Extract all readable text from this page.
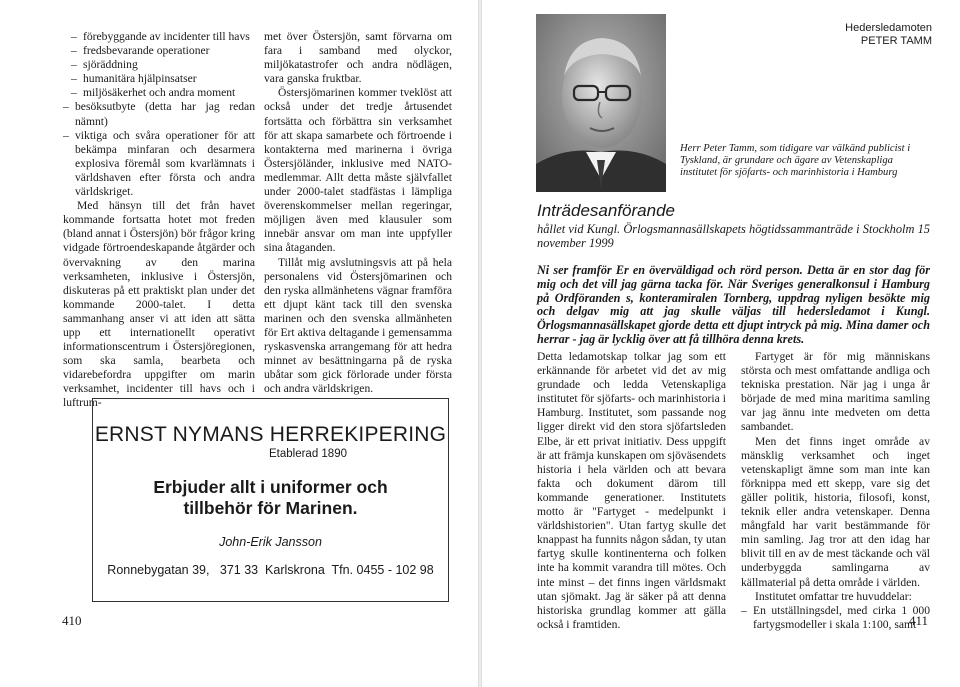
– förebyggande av incidenter till havs
– fredsbevarande operationer
– sjöräddning
– humanitära hjälpinsatser
– miljösäkerhet och andra moment
– besöksutbyte (detta har jag redan nämnt)
– viktiga och svåra operationer för att bekämpa minfaran och desarmera explosiva föremål som kvarlämnats i världshaven efter första och andra världskriget.

Med hänsyn till det från havet kommande fortsatta hotet mot freden (bland annat i Östersjön) bör frågor kring vidgade förtroendeskapande åtgärder och övervakning av den marina verksamheten, inklusive i Östersjön, diskuteras på ett praktiskt plan under det kommande 2000-talet. I detta sammanhang anser vi att iden att sätta upp ett internationellt operativt informationscentrum i Östersjöregionen, som ska samla, bearbeta och vidarebefordra uppgifter om marin verksamhet, incidenter till havs och i luftrum-

met över Östersjön, samt förvarna om fara i samband med olyckor, miljökatastrofer och andra nödlägen, vara ganska fruktbar.

Östersjömarinen kommer tveklöst att också under det tredje årtusendet fortsätta och förbättra sin verksamhet för att skapa samarbete och förtroende i kontakterna med marinerna i övriga Östersjöländer, inklusive med NATO-medlemmar. Allt detta måste självfallet under 2000-talet stadfästas i lämpliga överenskommelser mellan regeringar, möjligen även med klausuler som innebär ansvar om man inte uppfyller sina åtaganden.

Tillåt mig avslutningsvis att på hela personalens vid Östersjömarinen och den ryska allmänhetens vägnar framföra ett djupt känt tack till den svenska marinen och den svenska allmänheten för Ert aktiva deltagande i gemensamma ryskasvenska arrangemang för att hedra minnet av besättningarna på de ryska ubåtar som gick förlorade under första och andra världskrigen.

ERNST NYMANS HERREKIPERING
Etablerad 1890
Erbjuder allt i uniformer och
tillbehör för Marinen.
John-Erik Jansson
Ronnebygatan 39,   371 33  Karlskrona  Tfn. 0455 - 102 98
410
Hedersledamoten
PETER TAMM
Herr Peter Tamm, som tidigare var välkänd publicist i Tyskland, är grundare och ägare av Vetenskapliga institutet för sjöfarts- och marinhistoria i Hamburg
Inträdesanförande
hållet vid Kungl. Örlogsmannasällskapets högtidssammanträde i Stockholm 15 november 1999
Ni ser framför Er en överväldigad och rörd person. Detta är en stor dag för mig och det vill jag gärna tacka för. När Sveriges generalkonsul i Hamburg på Ordföranden s, konteramiralen Tornberg, uppdrag nyligen besökte mig och delgav mig att jag skulle väljas till hedersledamot i Kungl. Örlogsmannasällskapet gjorde detta ett djupt intryck på mig. Mina damer och herrar - jag är lycklig över att få tillhöra denna krets.

Detta ledamotskap tolkar jag som ett erkännande för arbetet vid det av mig grundade och ledda Vetenskapliga institutet för sjöfarts- och marinhistoria i Hamburg. Institutet, som passande nog ligger direkt vid den stora sjöfartsleden Elbe, är ett privat initiativ. Dess uppgift är att främja kunskapen om sjöväsendets historia i hela världen och att bevara fakta och dokument därom till kommande generationer. Institutets motto är "Fartyget - medelpunkt i världshistorien". Utan fartyg skulle det knappast ha funnits någon sådan, ty utan fartyg skulle kontinenterna och folken inte ha kommit varandra till mötes. Och inte minst – det finns ingen världsmakt utan sjömakt. Jag är säker på att denna historiska grundlag kommer att gälla också i framtiden.

Fartyget är för mig människans största och mest omfattande andliga och tekniska prestation. När jag i unga år började de med mina maritima samling var jag ännu inte medveten om detta sambandet.

Men det finns inget område av mänsklig verksamhet och inget vetenskapligt ämne som man inte kan förknippa med ett skepp, vare sig det gäller politik, historia, filosofi, konst, teknik eller andra vetenskaper. Denna mångfald har varit bestämmande för min samling. Jag tror att den idag har blivit till en av de mest täckande och väl underbyggda samlingarna av källmaterial på detta område i världen.

Institutet omfattar tre huvuddelar:

– En utställningsdel, med cirka 1 000 fartygsmodeller i skala 1:100, samt
411
